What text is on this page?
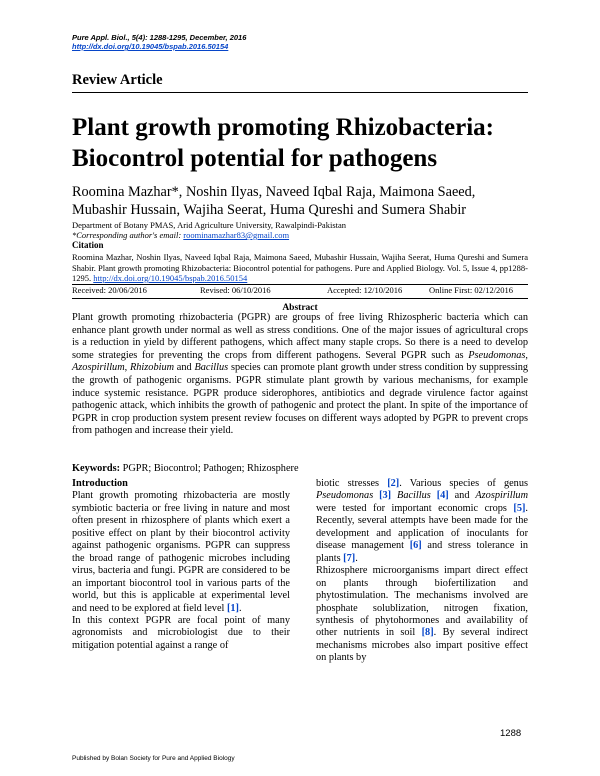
Pure Appl. Biol., 5(4): 1288-1295, December, 2016
http://dx.doi.org/10.19045/bspab.2016.50154
Review Article
Plant growth promoting Rhizobacteria:
Biocontrol potential for pathogens
Roomina Mazhar*, Noshin Ilyas, Naveed Iqbal Raja, Maimona Saeed,
Mubashir Hussain, Wajiha Seerat, Huma Qureshi and Sumera Shabir
Department of Botany PMAS, Arid Agriculture University, Rawalpindi-Pakistan
*Corresponding author's email: roominamazhar83@gmail.com
Citation
Roomina Mazhar, Noshin Ilyas, Naveed Iqbal Raja, Maimona Saeed, Mubashir Hussain, Wajiha Seerat, Huma Qureshi and Sumera Shabir. Plant growth promoting Rhizobacteria: Biocontrol potential for pathogens. Pure and Applied Biology. Vol. 5, Issue 4, pp1288-1295. http://dx.doi.org/10.19045/bspab.2016.50154
Received: 20/06/2016	Revised: 06/10/2016	Accepted: 12/10/2016	Online First: 02/12/2016
Abstract
Plant growth promoting rhizobacteria (PGPR) are groups of free living Rhizospheric bacteria which can enhance plant growth under normal as well as stress conditions. One of the major issues of agricultural crops is a reduction in yield by different pathogens, which affect many staple crops. So there is a need to develop some strategies for preventing the crops from different pathogens. Several PGPR such as Pseudomonas, Azospirillum, Rhizobium and Bacillus species can promote plant growth under stress condition by suppressing the growth of pathogenic organisms. PGPR stimulate plant growth by various mechanisms, for example induce systemic resistance. PGPR produce siderophores, antibiotics and degrade virulence factor against pathogenic attack, which inhibits the growth of pathogenic and protect the plant. In spite of the importance of PGPR in crop production system present review focuses on different ways adopted by PGPR to prevent crops from pathogen and increase their yield.
Keywords: PGPR; Biocontrol; Pathogen; Rhizosphere

Introduction

Plant growth promoting rhizobacteria are mostly symbiotic bacteria or free living in nature and most often present in rhizosphere of plants which exert a positive effect on plant by their biocontrol activity against pathogenic organisms. PGPR can suppress the broad range of pathogenic microbes including virus, bacteria and fungi. PGPR are considered to be an important biocontrol tool in various parts of the world, but this is applicable at experimental level and need to be explored at field level [1].

In this context PGPR are focal point of many agronomists and microbiologist due to their mitigation potential against a range of

biotic stresses [2]. Various species of genus Pseudomonas [3] Bacillus [4] and Azospirillum were tested for important economic crops [5]. Recently, several attempts have been made for the development and application of inoculants for disease management [6] and stress tolerance in plants [7].

Rhizosphere microorganisms impart direct effect on plants through biofertilization and phytostimulation. The mechanisms involved are phosphate solublization, nitrogen fixation, synthesis of phytohormones and availability of other nutrients in soil [8]. By several indirect mechanisms microbes also impart positive effect on plants by

1288
Published by Bolan Society for Pure and Applied Biology
